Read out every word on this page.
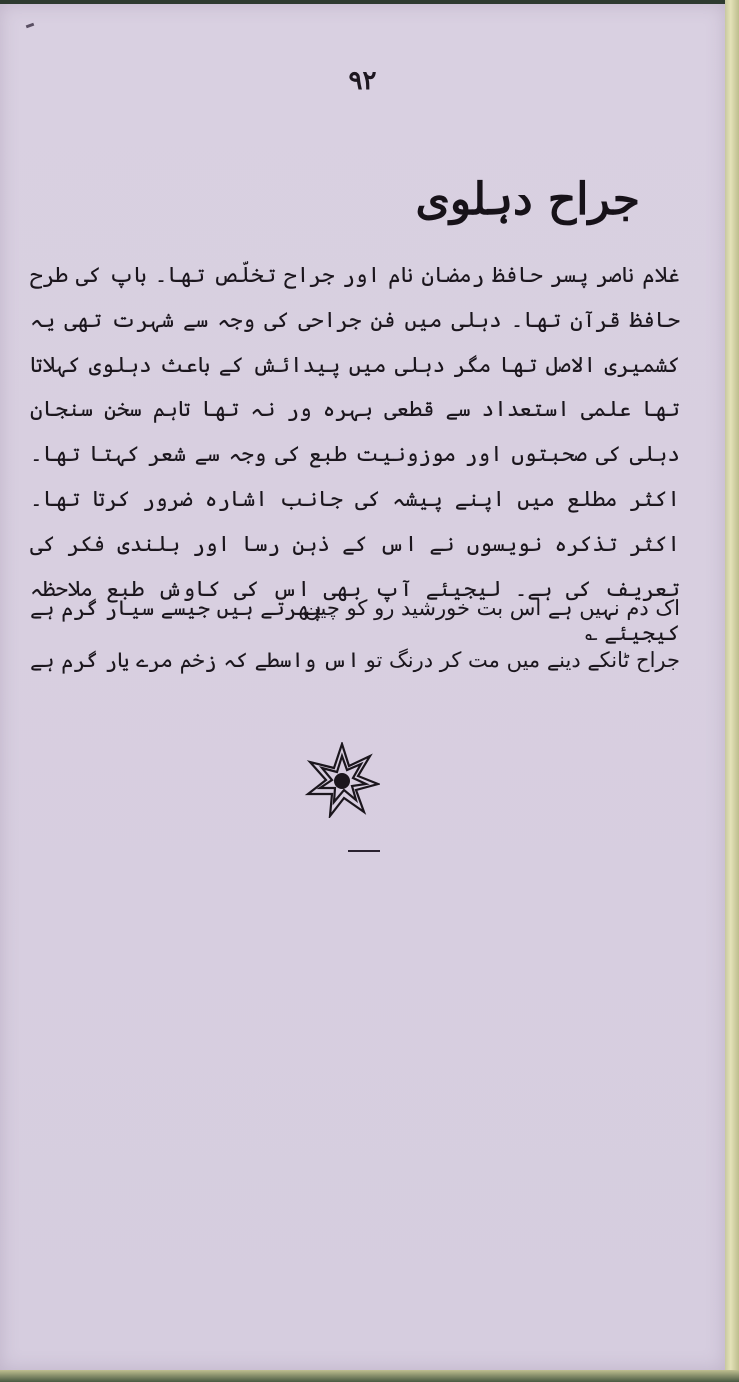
۹۲
جراح دہلوی

غلام ناصر پسر حافظ رمضان نام اور جراح تخلّص تھا۔ باپ کی طرح حافظ قرآن تھا۔ دہلی میں فن جراحی کی وجہ سے شہرت تھی یہ کشمیری الاصل تھا مگر دہلی میں پیدائش کے باعث دہلوی کہلاتا تھا علمی استعداد سے قطعی بہرہ ور نہ تھا تاہم سخن سنجان دہلی کی صحبتوں اور موزونیت طبع کی وجہ سے شعر کہتا تھا۔ اکثر مطلع میں اپنے پیشہ کی جانب اشارہ ضرور کرتا تھا۔ اکثر تذکرہ نویسوں نے اس کے ذہن رسا اور بلندی فکر کی تعریف کی ہے۔ لیجیئے آپ بھی اس کی کاوش طبع ملاحظہ کیجیئے ؎

اک دم نہیں ہے اس بت خورشید رو کو چین
پھرتے ہیں جیسے سیار گرم ہے
جراح ٹانکے دینے میں مت کر درنگ تو
اس واسطے کہ زخم مرے یار گرم ہے
